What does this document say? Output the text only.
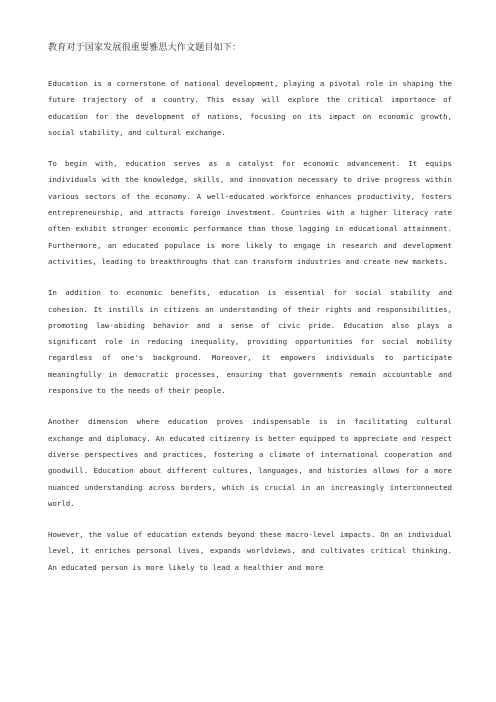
教育对于国家发展很重要雅思大作文题目如下：

Education is a cornerstone of national development, playing a pivotal role in shaping the future trajectory of a country. This essay will explore the critical importance of education for the development of nations, focusing on its impact on economic growth, social stability, and cultural exchange.

To begin with, education serves as a catalyst for economic advancement. It equips individuals with the knowledge, skills, and innovation necessary to drive progress within various sectors of the economy. A well-educated workforce enhances productivity, fosters entrepreneurship, and attracts foreign investment. Countries with a higher literacy rate often exhibit stronger economic performance than those lagging in educational attainment. Furthermore, an educated populace is more likely to engage in research and development activities, leading to breakthroughs that can transform industries and create new markets.

In addition to economic benefits, education is essential for social stability and cohesion. It instills in citizens an understanding of their rights and responsibilities, promoting law-abiding behavior and a sense of civic pride. Education also plays a significant role in reducing inequality, providing opportunities for social mobility regardless of one's background. Moreover, it empowers individuals to participate meaningfully in democratic processes, ensuring that governments remain accountable and responsive to the needs of their people.

Another dimension where education proves indispensable is in facilitating cultural exchange and diplomacy. An educated citizenry is better equipped to appreciate and respect diverse perspectives and practices, fostering a climate of international cooperation and goodwill. Education about different cultures, languages, and histories allows for a more nuanced understanding across borders, which is crucial in an increasingly interconnected world.

However, the value of education extends beyond these macro-level impacts. On an individual level, it enriches personal lives, expands worldviews, and cultivates critical thinking. An educated person is more likely to lead a healthier and more
